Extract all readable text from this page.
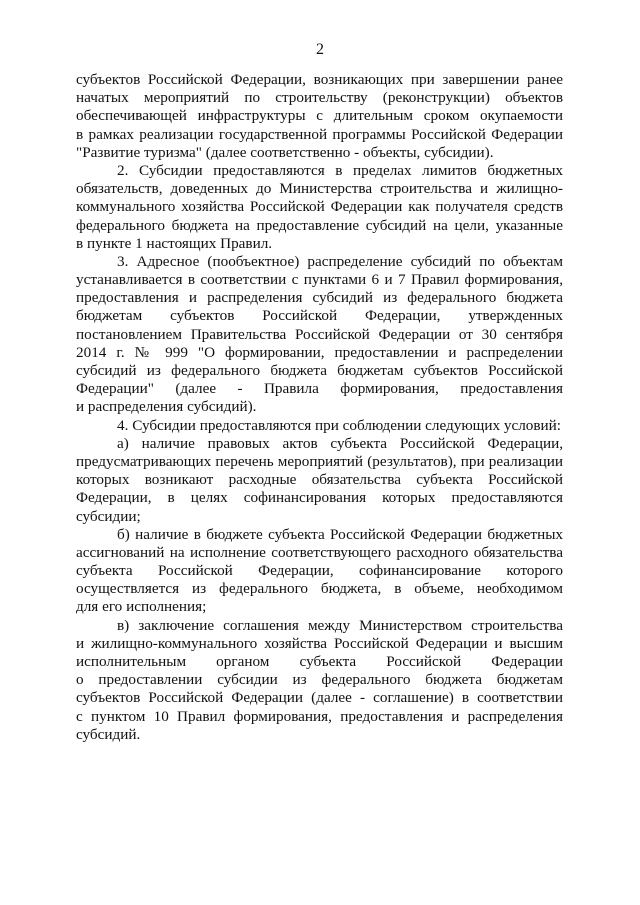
2
субъектов Российской Федерации, возникающих при завершении ранее
начатых мероприятий по строительству (реконструкции) объектов
обеспечивающей инфраструктуры с длительным сроком окупаемости
в рамках реализации государственной программы Российской Федерации
"Развитие туризма" (далее соответственно - объекты, субсидии).
2. Субсидии предоставляются в пределах лимитов бюджетных
обязательств, доведенных до Министерства строительства и жилищно-
коммунального хозяйства Российской Федерации как получателя средств
федерального бюджета на предоставление субсидий на цели, указанные
в пункте 1 настоящих Правил.
3. Адресное (пообъектное) распределение субсидий по объектам
устанавливается в соответствии с пунктами 6 и 7 Правил формирования,
предоставления и распределения субсидий из федерального бюджета
бюджетам субъектов Российской Федерации, утвержденных
постановлением Правительства Российской Федерации от 30 сентября
2014 г. № 999 "О формировании, предоставлении и распределении
субсидий из федерального бюджета бюджетам субъектов Российской
Федерации" (далее - Правила формирования, предоставления
и распределения субсидий).
4. Субсидии предоставляются при соблюдении следующих условий:
а) наличие правовых актов субъекта Российской Федерации,
предусматривающих перечень мероприятий (результатов), при реализации
которых возникают расходные обязательства субъекта Российской
Федерации, в целях софинансирования которых предоставляются
субсидии;
б) наличие в бюджете субъекта Российской Федерации бюджетных
ассигнований на исполнение соответствующего расходного обязательства
субъекта Российской Федерации, софинансирование которого
осуществляется из федерального бюджета, в объеме, необходимом
для его исполнения;
в) заключение соглашения между Министерством строительства
и жилищно-коммунального хозяйства Российской Федерации и высшим
исполнительным органом субъекта Российской Федерации
о предоставлении субсидии из федерального бюджета бюджетам
субъектов Российской Федерации (далее - соглашение) в соответствии
с пунктом 10 Правил формирования, предоставления и распределения
субсидий.
